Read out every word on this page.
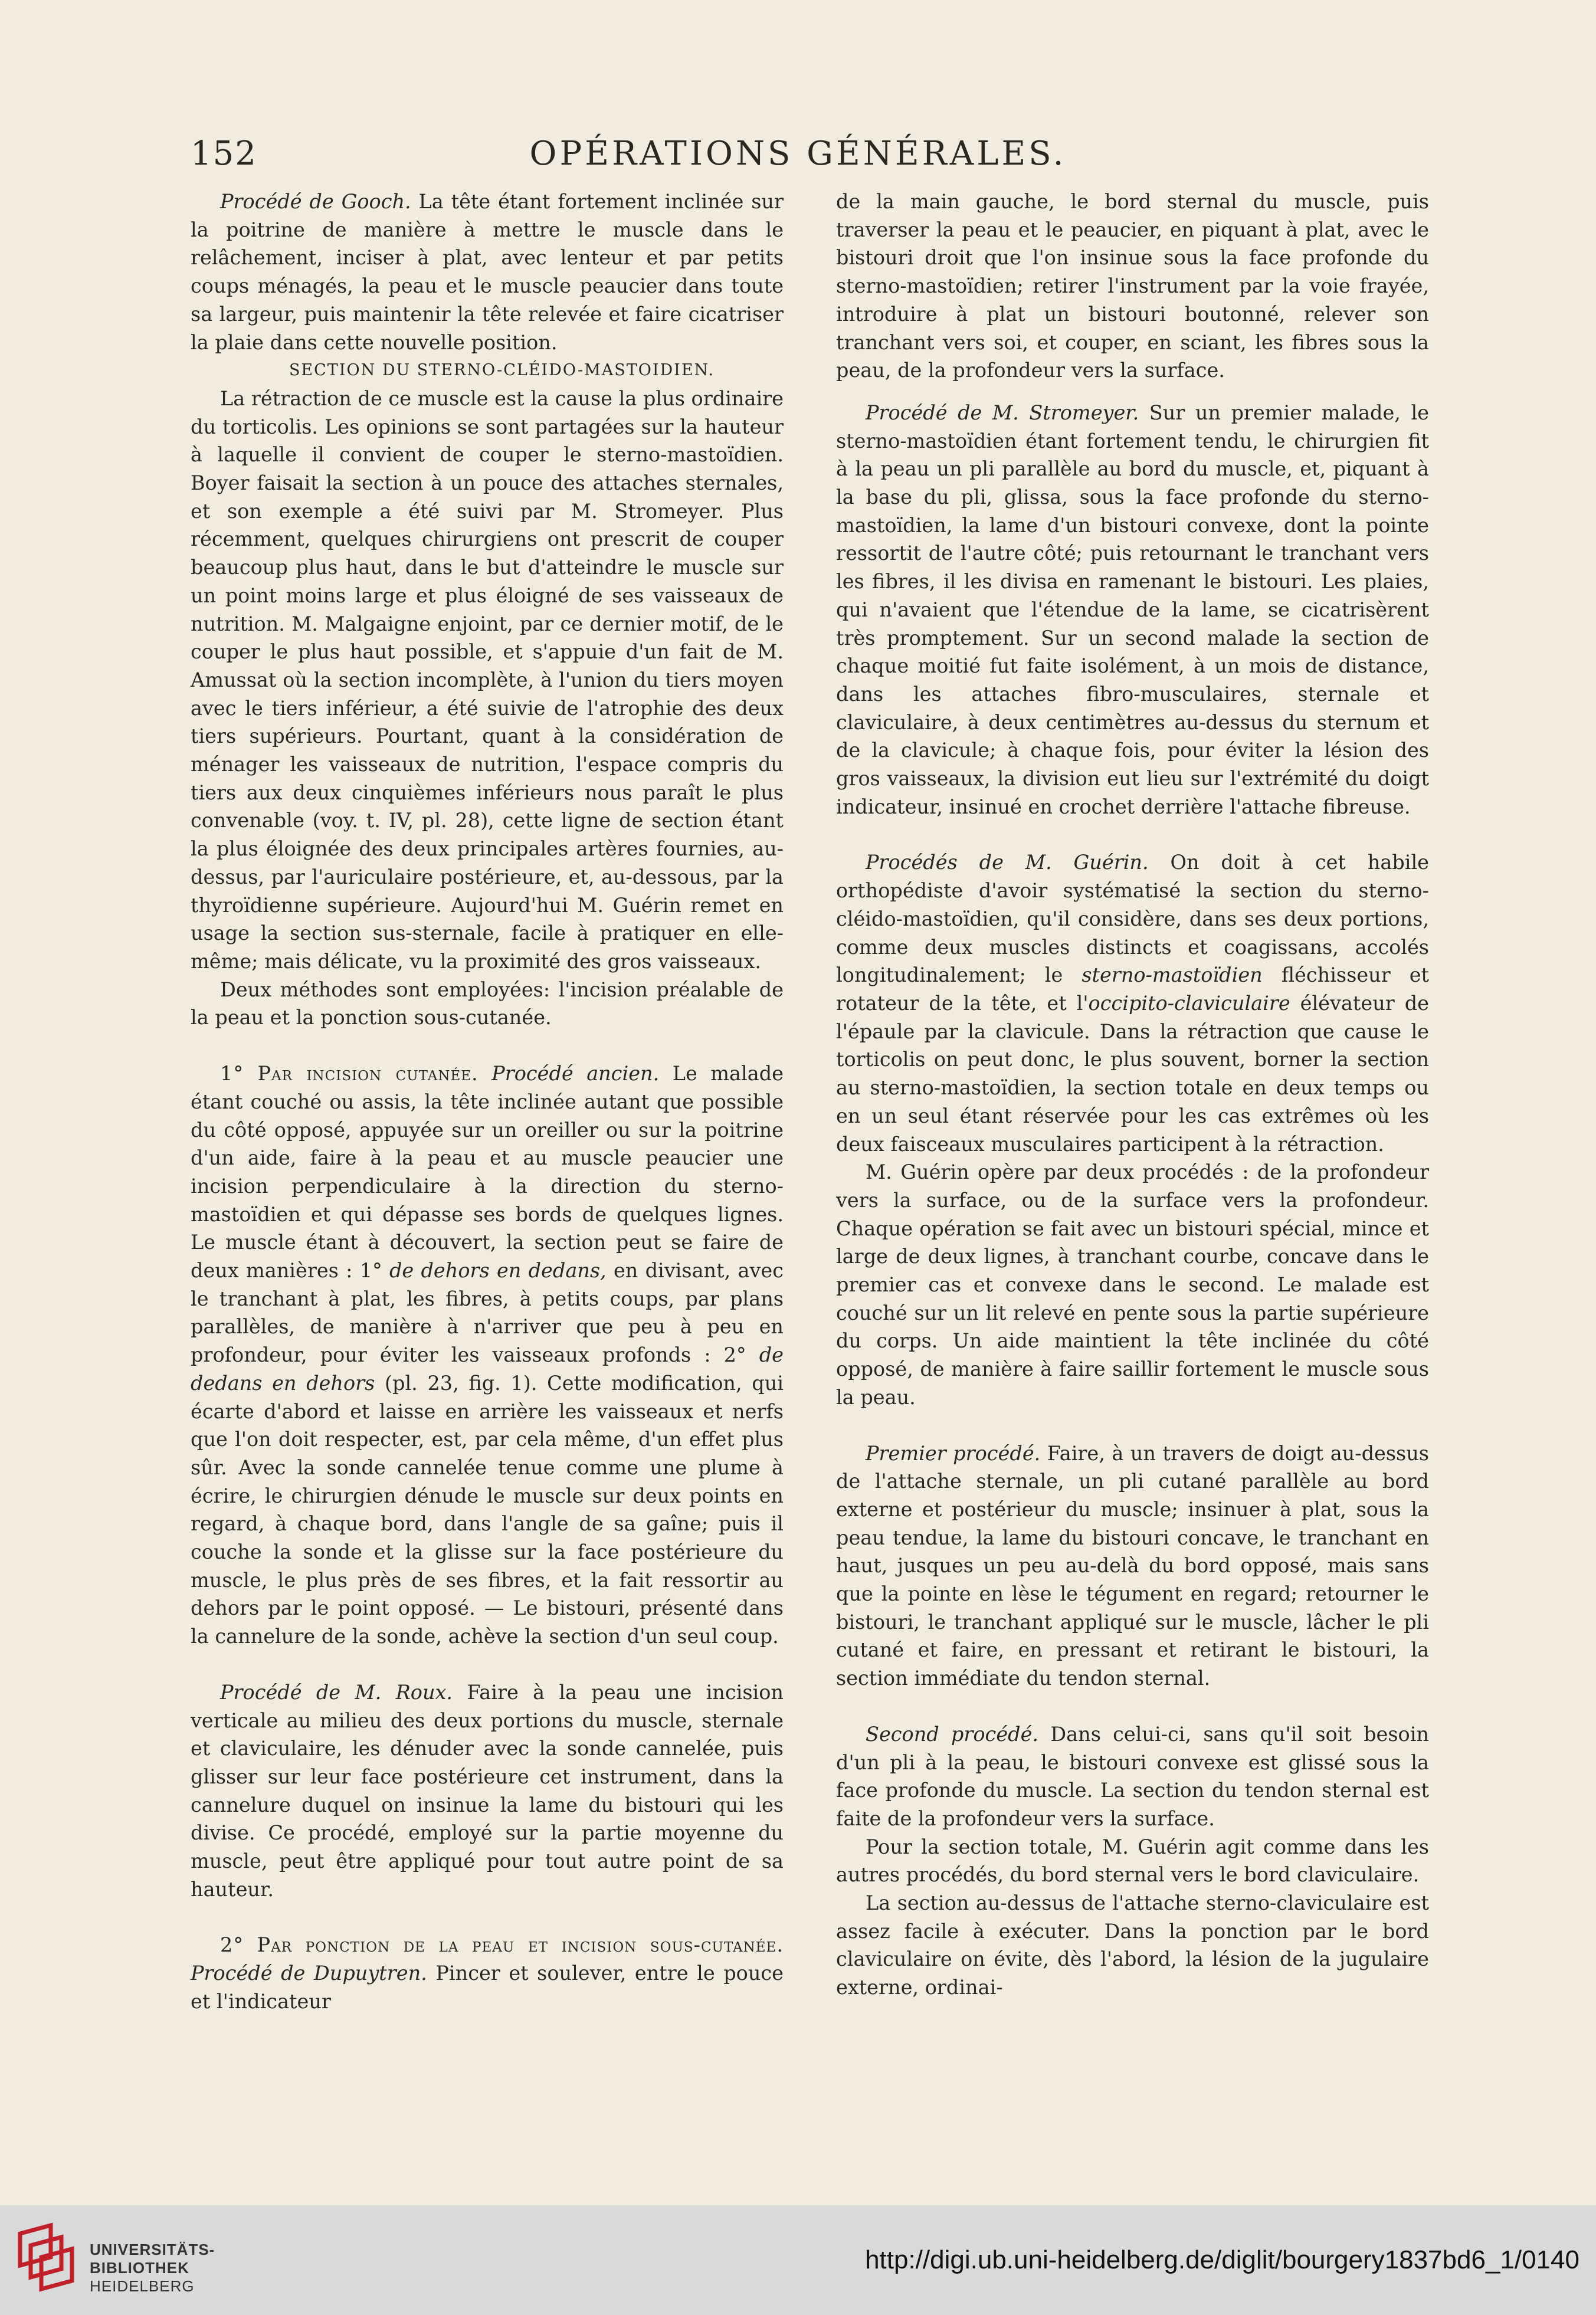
OPÉRATIONS GÉNÉRALES.
152

Procédé de Gooch. La tête étant fortement inclinée sur la poitrine de manière à mettre le muscle dans le relâchement, inciser à plat, avec lenteur et par petits coups ménagés, la peau et le muscle peaucier dans toute sa largeur, puis maintenir la tête relevée et faire cicatriser la plaie dans cette nouvelle position.

SECTION DU STERNO-CLÉIDO-MASTOIDIEN.

La rétraction de ce muscle est la cause la plus ordinaire du torticolis. Les opinions se sont partagées sur la hauteur à laquelle il convient de couper le sterno-mastoïdien. Boyer faisait la section à un pouce des attaches sternales, et son exemple a été suivi par M. Stromeyer. Plus récemment, quelques chirurgiens ont prescrit de couper beaucoup plus haut, dans le but d'atteindre le muscle sur un point moins large et plus éloigné de ses vaisseaux de nutrition. M. Malgaigne enjoint, par ce dernier motif, de le couper le plus haut possible, et s'appuie d'un fait de M. Amussat où la section incomplète, à l'union du tiers moyen avec le tiers inférieur, a été suivie de l'atrophie des deux tiers supérieurs. Pourtant, quant à la considération de ménager les vaisseaux de nutrition, l'espace compris du tiers aux deux cinquièmes inférieurs nous paraît le plus convenable (voy. t. IV, pl. 28), cette ligne de section étant la plus éloignée des deux principales artères fournies, au-dessus, par l'auriculaire postérieure, et, au-dessous, par la thyroïdienne supérieure. Aujourd'hui M. Guérin remet en usage la section sus-sternale, facile à pratiquer en elle-même; mais délicate, vu la proximité des gros vaisseaux.

Deux méthodes sont employées: l'incision préalable de la peau et la ponction sous-cutanée.

1° Par incision cutanée. Procédé ancien. Le malade étant couché ou assis, la tête inclinée autant que possible du côté opposé, appuyée sur un oreiller ou sur la poitrine d'un aide, faire à la peau et au muscle peaucier une incision perpendiculaire à la direction du sterno-mastoïdien et qui dépasse ses bords de quelques lignes. Le muscle étant à découvert, la section peut se faire de deux manières : 1° de dehors en dedans, en divisant, avec le tranchant à plat, les fibres, à petits coups, par plans parallèles, de manière à n'arriver que peu à peu en profondeur, pour éviter les vaisseaux profonds : 2° de dedans en dehors (pl. 23, fig. 1). Cette modification, qui écarte d'abord et laisse en arrière les vaisseaux et nerfs que l'on doit respecter, est, par cela même, d'un effet plus sûr. Avec la sonde cannelée tenue comme une plume à écrire, le chirurgien dénude le muscle sur deux points en regard, à chaque bord, dans l'angle de sa gaîne; puis il couche la sonde et la glisse sur la face postérieure du muscle, le plus près de ses fibres, et la fait ressortir au dehors par le point opposé. — Le bistouri, présenté dans la cannelure de la sonde, achève la section d'un seul coup.

Procédé de M. Roux. Faire à la peau une incision verticale au milieu des deux portions du muscle, sternale et claviculaire, les dénuder avec la sonde cannelée, puis glisser sur leur face postérieure cet instrument, dans la cannelure duquel on insinue la lame du bistouri qui les divise. Ce procédé, employé sur la partie moyenne du muscle, peut être appliqué pour tout autre point de sa hauteur.

2° Par ponction de la peau et incision sous-cutanée. Procédé de Dupuytren. Pincer et soulever, entre le pouce et l'indicateur

de la main gauche, le bord sternal du muscle, puis traverser la peau et le peaucier, en piquant à plat, avec le bistouri droit que l'on insinue sous la face profonde du sterno-mastoïdien; retirer l'instrument par la voie frayée, introduire à plat un bistouri boutonné, relever son tranchant vers soi, et couper, en sciant, les fibres sous la peau, de la profondeur vers la surface.

Procédé de M. Stromeyer. Sur un premier malade, le sterno-mastoïdien étant fortement tendu, le chirurgien fit à la peau un pli parallèle au bord du muscle, et, piquant à la base du pli, glissa, sous la face profonde du sterno-mastoïdien, la lame d'un bistouri convexe, dont la pointe ressortit de l'autre côté; puis retournant le tranchant vers les fibres, il les divisa en ramenant le bistouri. Les plaies, qui n'avaient que l'étendue de la lame, se cicatrisèrent très promptement. Sur un second malade la section de chaque moitié fut faite isolément, à un mois de distance, dans les attaches fibro-musculaires, sternale et claviculaire, à deux centimètres au-dessus du sternum et de la clavicule; à chaque fois, pour éviter la lésion des gros vaisseaux, la division eut lieu sur l'extrémité du doigt indicateur, insinué en crochet derrière l'attache fibreuse.

Procédés de M. Guérin. On doit à cet habile orthopédiste d'avoir systématisé la section du sterno-cléido-mastoïdien, qu'il considère, dans ses deux portions, comme deux muscles distincts et coagissans, accolés longitudinalement; le sterno-mastoïdien fléchisseur et rotateur de la tête, et l'occipito-claviculaire élévateur de l'épaule par la clavicule. Dans la rétraction que cause le torticolis on peut donc, le plus souvent, borner la section au sterno-mastoïdien, la section totale en deux temps ou en un seul étant réservée pour les cas extrêmes où les deux faisceaux musculaires participent à la rétraction.

M. Guérin opère par deux procédés : de la profondeur vers la surface, ou de la surface vers la profondeur. Chaque opération se fait avec un bistouri spécial, mince et large de deux lignes, à tranchant courbe, concave dans le premier cas et convexe dans le second. Le malade est couché sur un lit relevé en pente sous la partie supérieure du corps. Un aide maintient la tête inclinée du côté opposé, de manière à faire saillir fortement le muscle sous la peau.

Premier procédé. Faire, à un travers de doigt au-dessus de l'attache sternale, un pli cutané parallèle au bord externe et postérieur du muscle; insinuer à plat, sous la peau tendue, la lame du bistouri concave, le tranchant en haut, jusques un peu au-delà du bord opposé, mais sans que la pointe en lèse le tégument en regard; retourner le bistouri, le tranchant appliqué sur le muscle, lâcher le pli cutané et faire, en pressant et retirant le bistouri, la section immédiate du tendon sternal.

Second procédé. Dans celui-ci, sans qu'il soit besoin d'un pli à la peau, le bistouri convexe est glissé sous la face profonde du muscle. La section du tendon sternal est faite de la profondeur vers la surface.

Pour la section totale, M. Guérin agit comme dans les autres procédés, du bord sternal vers le bord claviculaire.

La section au-dessus de l'attache sterno-claviculaire est assez facile à exécuter. Dans la ponction par le bord claviculaire on évite, dès l'abord, la lésion de la jugulaire externe, ordinai-

UNIVERSITÄTS-
BIBLIOTHEK
HEIDELBERG
http://digi.ub.uni-heidelberg.de/diglit/bourgery1837bd6_1/0140
